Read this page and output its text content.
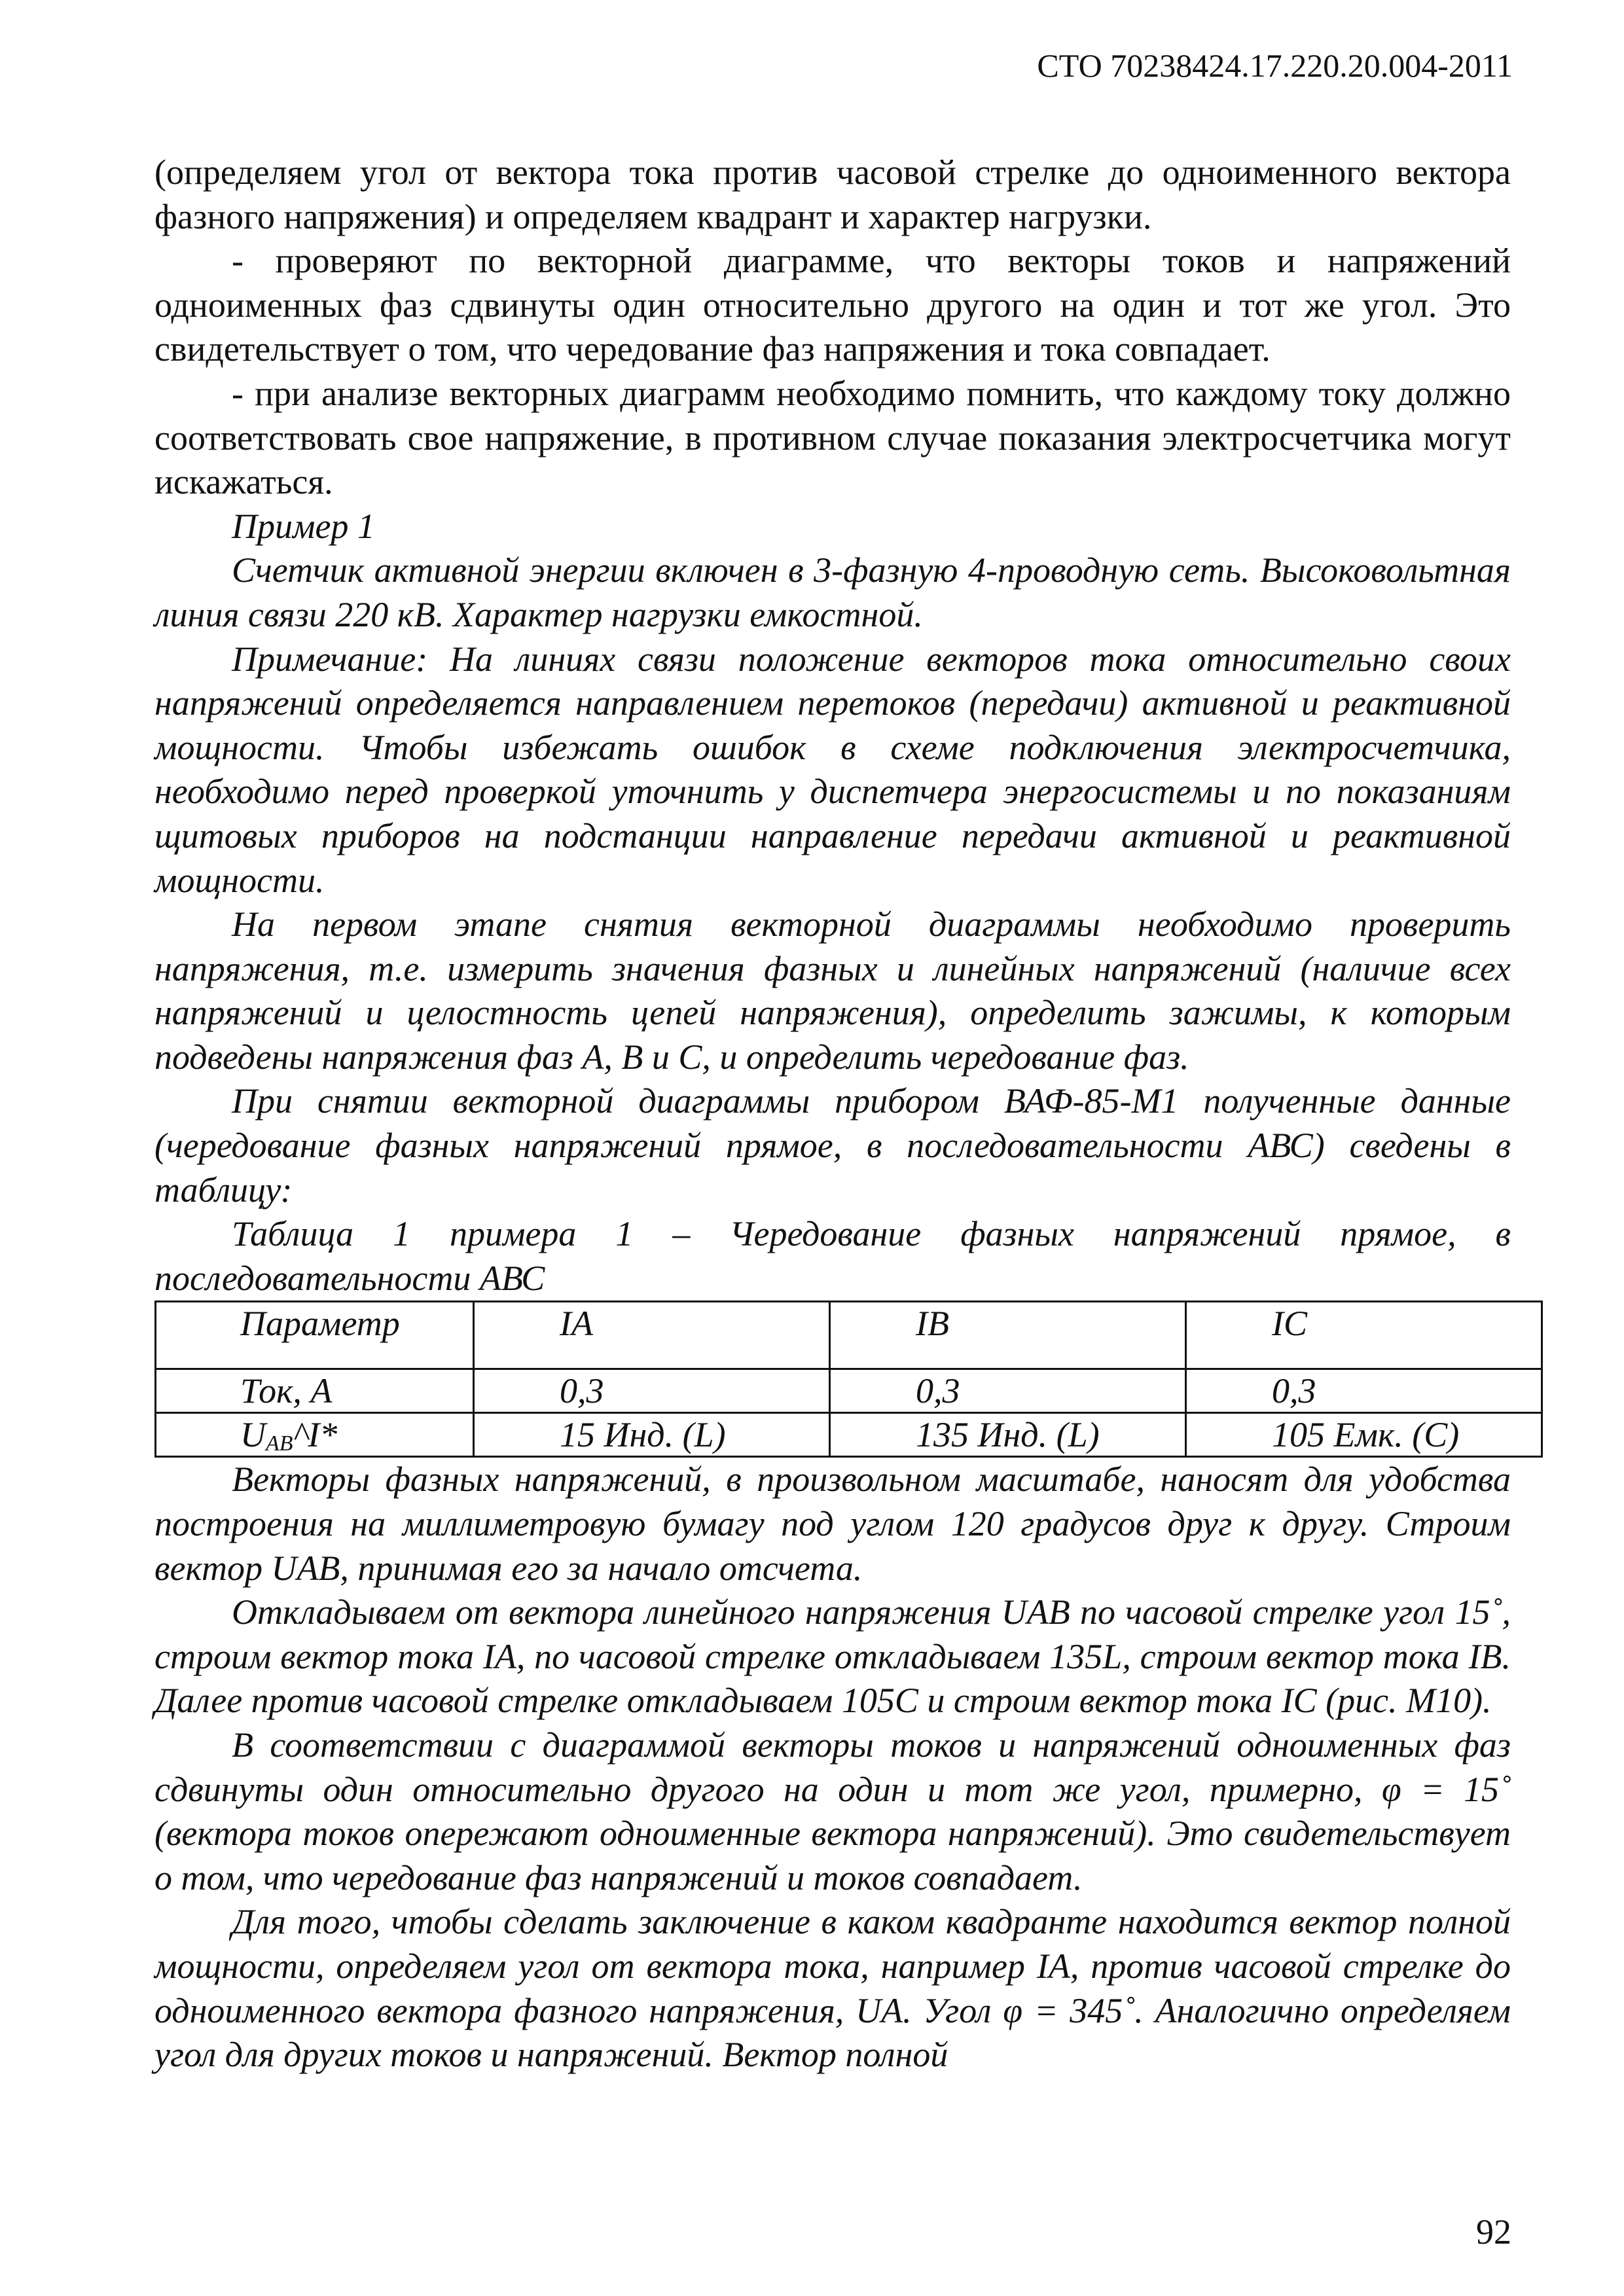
СТО 70238424.17.220.20.004-2011

(определяем угол от вектора тока против часовой стрелке до одноименного вектора фазного напряжения) и определяем квадрант и характер нагрузки.

- проверяют по векторной диаграмме, что векторы токов и напряжений одноименных фаз сдвинуты один относительно другого на один и тот же угол. Это свидетельствует о том, что чередование фаз напряжения и тока совпадает.

- при анализе векторных диаграмм необходимо помнить, что каждому току должно соответствовать свое напряжение, в противном случае показания электросчетчика могут искажаться.

Пример 1

Счетчик активной энергии включен в 3-фазную 4-проводную сеть. Высоковольтная линия связи 220 кВ. Характер нагрузки емкостной.

Примечание: На линиях связи положение векторов тока относительно своих напряжений определяется направлением перетоков (передачи) активной и реактивной мощности. Чтобы избежать ошибок в схеме подключения электросчетчика, необходимо перед проверкой уточнить у диспетчера энергосистемы и по показаниям щитовых приборов на подстанции направление передачи активной и реактивной мощности.

На первом этапе снятия векторной диаграммы необходимо проверить напряжения, т.е. измерить значения фазных и линейных напряжений (наличие всех напряжений и целостность цепей напряжения), определить зажимы, к которым подведены напряжения фаз А, В и С, и определить чередование фаз.

При снятии векторной диаграммы прибором ВАФ-85-М1 полученные данные (чередование фазных напряжений прямое, в последовательности АВС) сведены в таблицу:

Таблица 1 примера 1 – Чередование фазных напряжений прямое, в последовательности АВС

Параметр	IA	IB	IC
Ток, А	0,3	0,3	0,3
$U_{AB}\^{}I*$	15 Инд. (L)	135 Инд. (L)	105 Емк. (С)

Векторы фазных напряжений, в произвольном масштабе, наносят для удобства построения на миллиметровую бумагу под углом 120 градусов друг к другу. Строим вектор UAB, принимая его за начало отсчета.

Откладываем от вектора линейного напряжения UAB по часовой стрелке угол 15˚, строим вектор тока IA, по часовой стрелке откладываем 135L, строим вектор тока IB. Далее против часовой стрелке откладываем 105С и строим вектор тока IC (рис. М10).

В соответствии с диаграммой векторы токов и напряжений одноименных фаз сдвинуты один относительно другого на один и тот же угол, примерно, φ = 15˚ (вектора токов опережают одноименные вектора напряжений). Это свидетельствует о том, что чередование фаз напряжений и токов совпадает.

Для того, чтобы сделать заключение в каком квадранте находится вектор полной мощности, определяем угол от вектора тока, например IA, против часовой стрелке до одноименного вектора фазного напряжения, UA. Угол φ = 345˚. Аналогично определяем угол для других токов и напряжений. Вектор полной

92
